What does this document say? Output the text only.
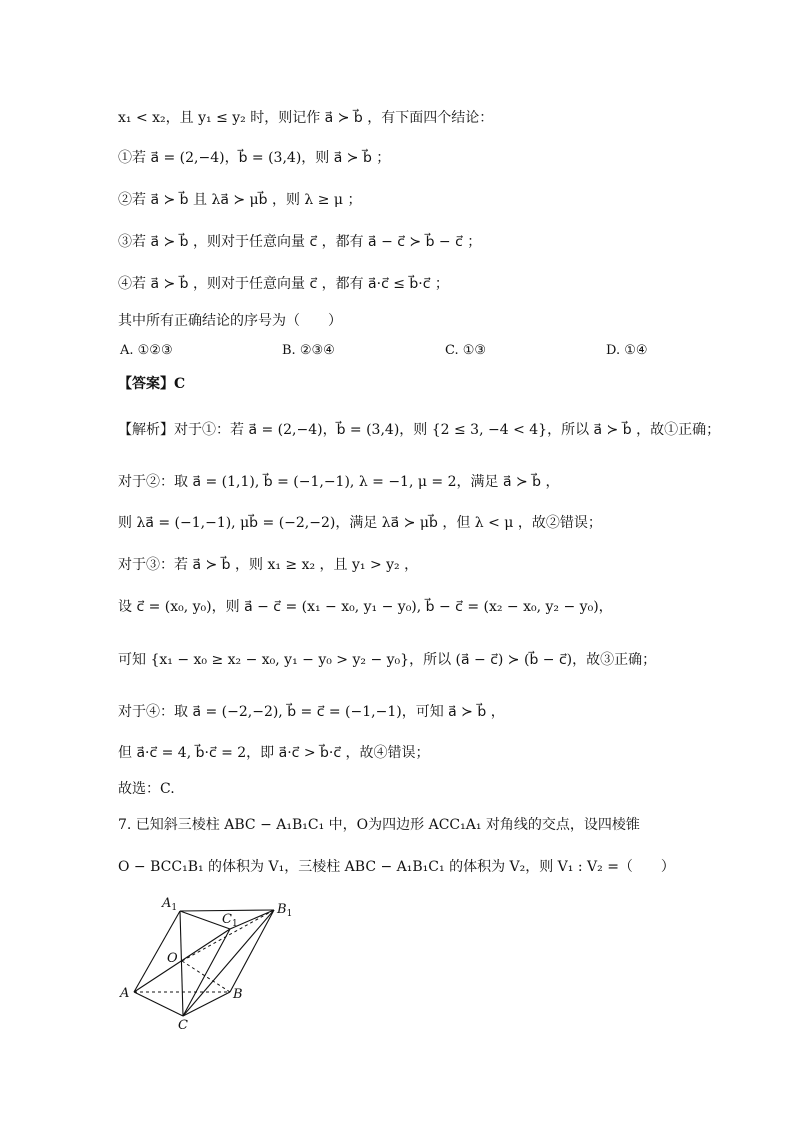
x₁ < x₂，且 y₁ ≤ y₂ 时，则记作 a⃗ ≻ b⃗ ，有下面四个结论：
①若 a⃗ = (2,−4)，b⃗ = (3,4)，则 a⃗ ≻ b⃗ ；
②若 a⃗ ≻ b⃗ 且 λa⃗ ≻ μb⃗ ，则 λ ≥ μ ；
③若 a⃗ ≻ b⃗ ，则对于任意向量 c⃗ ，都有 a⃗ − c⃗ ≻ b⃗ − c⃗ ；
④若 a⃗ ≻ b⃗ ，则对于任意向量 c⃗ ，都有 a⃗·c⃗ ≤ b⃗·c⃗ ；
其中所有正确结论的序号为（　　）
A. ①②③	B. ②③④	C. ①③	D. ①④
【答案】C
【解析】对于①：若 a⃗ = (2,−4)，b⃗ = (3,4)，则 {2 ≤ 3, −4 < 4}，所以 a⃗ ≻ b⃗ ，故①正确；
对于②：取 a⃗ = (1,1), b⃗ = (−1,−1), λ = −1, μ = 2，满足 a⃗ ≻ b⃗ ，
则 λa⃗ = (−1,−1), μb⃗ = (−2,−2)，满足 λa⃗ ≻ μb⃗ ，但 λ < μ ，故②错误；
对于③：若 a⃗ ≻ b⃗ ，则 x₁ ≥ x₂ ，且 y₁ > y₂ ，
设 c⃗ = (x₀, y₀)，则 a⃗ − c⃗ = (x₁ − x₀, y₁ − y₀), b⃗ − c⃗ = (x₂ − x₀, y₂ − y₀)，
可知 {x₁ − x₀ ≥ x₂ − x₀, y₁ − y₀ > y₂ − y₀}，所以 (a⃗ − c⃗) ≻ (b⃗ − c⃗)，故③正确；
对于④：取 a⃗ = (−2,−2), b⃗ = c⃗ = (−1,−1)，可知 a⃗ ≻ b⃗ ，
但 a⃗·c⃗ = 4, b⃗·c⃗ = 2，即 a⃗·c⃗ > b⃗·c⃗ ，故④错误；
故选：C.
7. 已知斜三棱柱 ABC − A₁B₁C₁ 中，O为四边形 ACC₁A₁ 对角线的交点，设四棱锥
O − BCC₁B₁ 的体积为 V₁，三棱柱 ABC − A₁B₁C₁ 的体积为 V₂，则 V₁ : V₂ =（　　）
$A_1$
$C_1$
$B_1$
O
A	B
C
